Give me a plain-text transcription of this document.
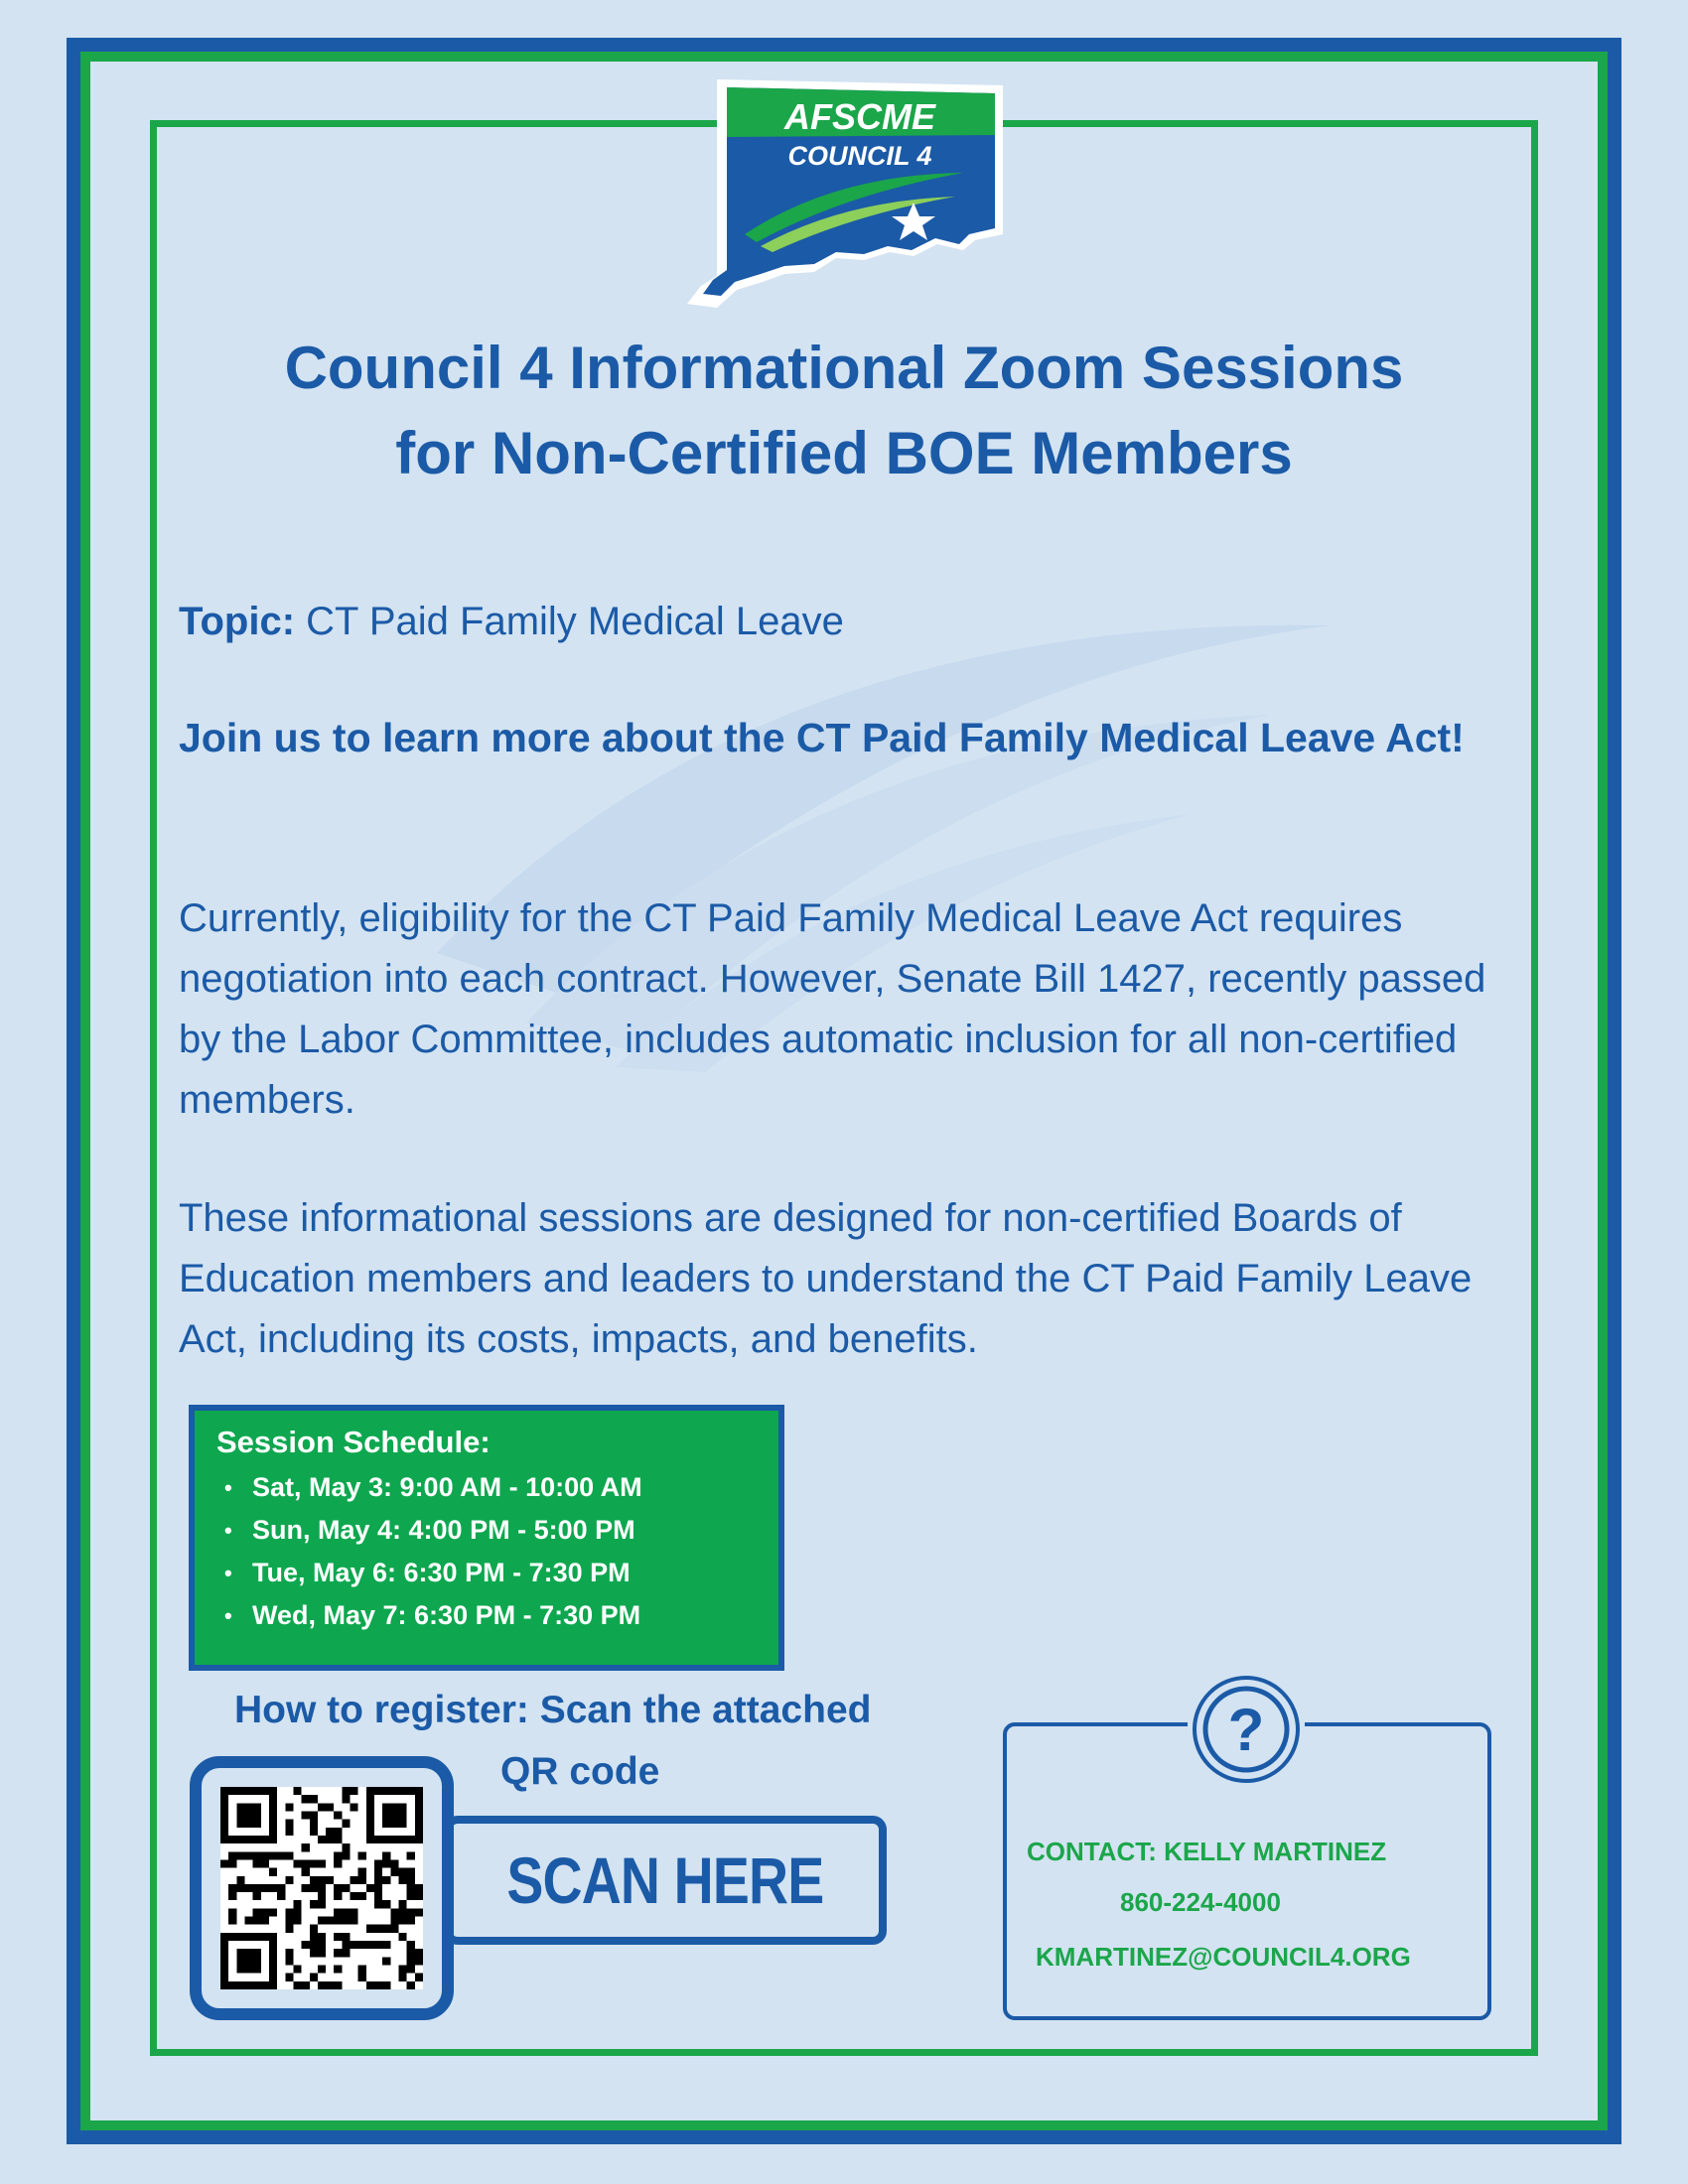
AFSCME
COUNCIL 4
Council 4 Informational Zoom Sessions
for Non-Certified BOE Members
Topic: CT Paid Family Medical Leave
Join us to learn more about the CT Paid Family Medical Leave Act!
Currently, eligibility for the CT Paid Family Medical Leave Act requires negotiation into each contract. However, Senate Bill 1427, recently passed by the Labor Committee, includes automatic inclusion for all non-certified members.
These informational sessions are designed for non-certified Boards of Education members and leaders to understand the CT Paid Family Leave Act, including its costs, impacts, and benefits.
Session Schedule:
• Sat, May 3: 9:00 AM - 10:00 AM
• Sun, May 4: 4:00 PM - 5:00 PM
• Tue, May 6: 6:30 PM - 7:30 PM
• Wed, May 7: 6:30 PM - 7:30 PM
How to register: Scan the attached
QR code
SCAN HERE
?
CONTACT: KELLY MARTINEZ
860-224-4000
KMARTINEZ@COUNCIL4.ORG
